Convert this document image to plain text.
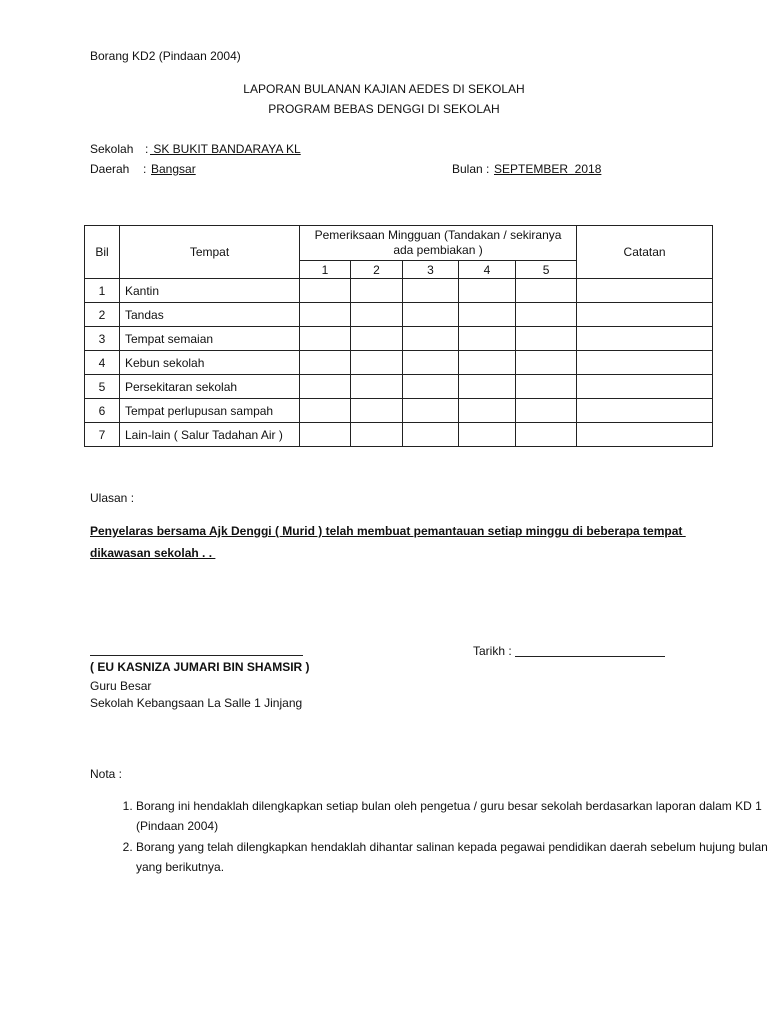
Borang KD2 (Pindaan 2004)
LAPORAN BULANAN KAJIAN AEDES DI SEKOLAH
PROGRAM BEBAS DENGGI DI SEKOLAH
Sekolah : SK BUKIT BANDARAYA KL
Daerah : Bangsar	Bulan : SEPTEMBER  2018
Bil	Tempat	Pemeriksaan Mingguan (Tandakan / sekiranya ada pembiakan )					Catatan
		1	2	3	4	5	
1	Kantin						
2	Tandas						
3	Tempat semaian						
4	Kebun sekolah						
5	Persekitaran sekolah						
6	Tempat perlupusan sampah						
7	Lain-lain ( Salur Tadahan Air )						
Ulasan :
Penyelaras bersama Ajk Denggi ( Murid ) telah membuat pemantauan setiap minggu di beberapa tempat
dikawasan sekolah . .
( EU KASNIZA JUMARI BIN SHAMSIR )
Guru Besar
Sekolah Kebangsaan La Salle 1 Jinjang
Tarikh :
Nota :
1. Borang ini hendaklah dilengkapkan setiap bulan oleh pengetua / guru besar sekolah berdasarkan laporan dalam KD 1 (Pindaan 2004)
2. Borang yang telah dilengkapkan hendaklah dihantar salinan kepada pegawai pendidikan daerah sebelum hujung bulan yang berikutnya.
